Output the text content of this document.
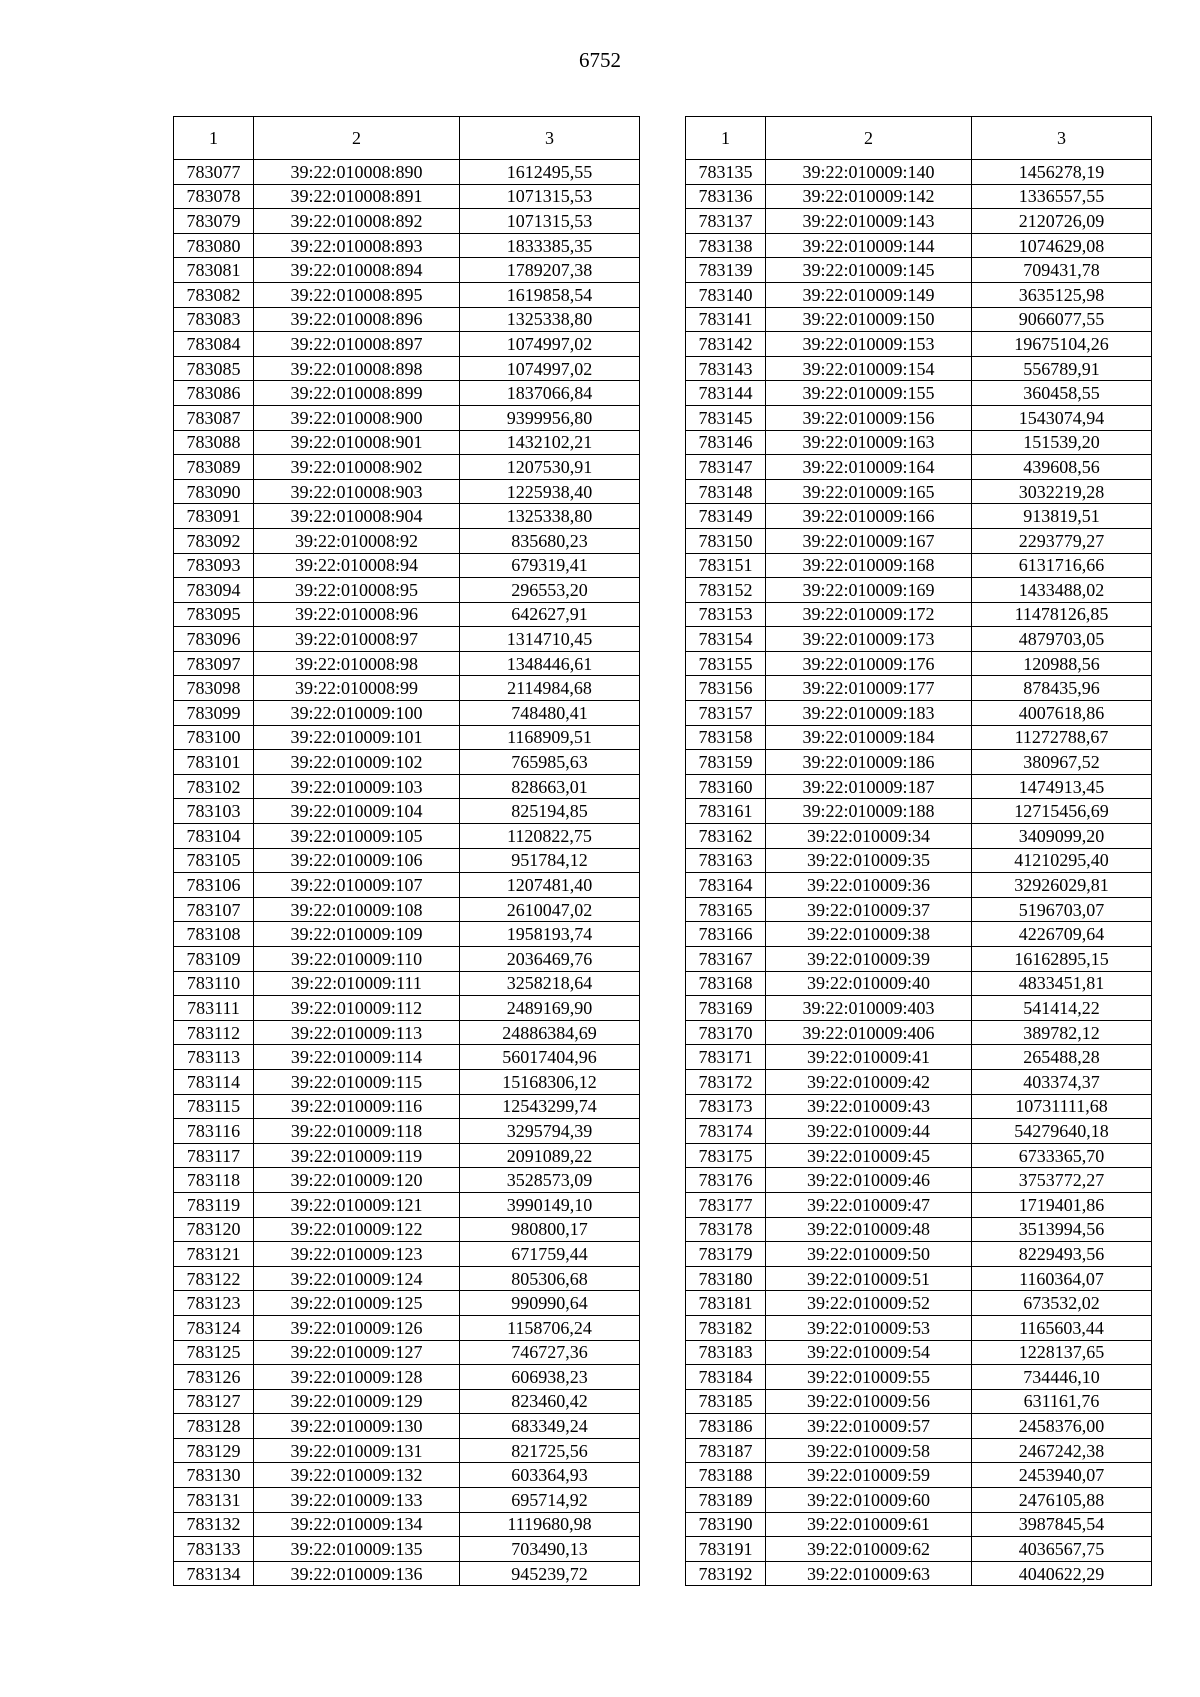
6752
1	2	3
783077	39:22:010008:890	1612495,55
783078	39:22:010008:891	1071315,53
783079	39:22:010008:892	1071315,53
783080	39:22:010008:893	1833385,35
783081	39:22:010008:894	1789207,38
783082	39:22:010008:895	1619858,54
783083	39:22:010008:896	1325338,80
783084	39:22:010008:897	1074997,02
783085	39:22:010008:898	1074997,02
783086	39:22:010008:899	1837066,84
783087	39:22:010008:900	9399956,80
783088	39:22:010008:901	1432102,21
783089	39:22:010008:902	1207530,91
783090	39:22:010008:903	1225938,40
783091	39:22:010008:904	1325338,80
783092	39:22:010008:92	835680,23
783093	39:22:010008:94	679319,41
783094	39:22:010008:95	296553,20
783095	39:22:010008:96	642627,91
783096	39:22:010008:97	1314710,45
783097	39:22:010008:98	1348446,61
783098	39:22:010008:99	2114984,68
783099	39:22:010009:100	748480,41
783100	39:22:010009:101	1168909,51
783101	39:22:010009:102	765985,63
783102	39:22:010009:103	828663,01
783103	39:22:010009:104	825194,85
783104	39:22:010009:105	1120822,75
783105	39:22:010009:106	951784,12
783106	39:22:010009:107	1207481,40
783107	39:22:010009:108	2610047,02
783108	39:22:010009:109	1958193,74
783109	39:22:010009:110	2036469,76
783110	39:22:010009:111	3258218,64
783111	39:22:010009:112	2489169,90
783112	39:22:010009:113	24886384,69
783113	39:22:010009:114	56017404,96
783114	39:22:010009:115	15168306,12
783115	39:22:010009:116	12543299,74
783116	39:22:010009:118	3295794,39
783117	39:22:010009:119	2091089,22
783118	39:22:010009:120	3528573,09
783119	39:22:010009:121	3990149,10
783120	39:22:010009:122	980800,17
783121	39:22:010009:123	671759,44
783122	39:22:010009:124	805306,68
783123	39:22:010009:125	990990,64
783124	39:22:010009:126	1158706,24
783125	39:22:010009:127	746727,36
783126	39:22:010009:128	606938,23
783127	39:22:010009:129	823460,42
783128	39:22:010009:130	683349,24
783129	39:22:010009:131	821725,56
783130	39:22:010009:132	603364,93
783131	39:22:010009:133	695714,92
783132	39:22:010009:134	1119680,98
783133	39:22:010009:135	703490,13
783134	39:22:010009:136	945239,72
1	2	3
783135	39:22:010009:140	1456278,19
783136	39:22:010009:142	1336557,55
783137	39:22:010009:143	2120726,09
783138	39:22:010009:144	1074629,08
783139	39:22:010009:145	709431,78
783140	39:22:010009:149	3635125,98
783141	39:22:010009:150	9066077,55
783142	39:22:010009:153	19675104,26
783143	39:22:010009:154	556789,91
783144	39:22:010009:155	360458,55
783145	39:22:010009:156	1543074,94
783146	39:22:010009:163	151539,20
783147	39:22:010009:164	439608,56
783148	39:22:010009:165	3032219,28
783149	39:22:010009:166	913819,51
783150	39:22:010009:167	2293779,27
783151	39:22:010009:168	6131716,66
783152	39:22:010009:169	1433488,02
783153	39:22:010009:172	11478126,85
783154	39:22:010009:173	4879703,05
783155	39:22:010009:176	120988,56
783156	39:22:010009:177	878435,96
783157	39:22:010009:183	4007618,86
783158	39:22:010009:184	11272788,67
783159	39:22:010009:186	380967,52
783160	39:22:010009:187	1474913,45
783161	39:22:010009:188	12715456,69
783162	39:22:010009:34	3409099,20
783163	39:22:010009:35	41210295,40
783164	39:22:010009:36	32926029,81
783165	39:22:010009:37	5196703,07
783166	39:22:010009:38	4226709,64
783167	39:22:010009:39	16162895,15
783168	39:22:010009:40	4833451,81
783169	39:22:010009:403	541414,22
783170	39:22:010009:406	389782,12
783171	39:22:010009:41	265488,28
783172	39:22:010009:42	403374,37
783173	39:22:010009:43	10731111,68
783174	39:22:010009:44	54279640,18
783175	39:22:010009:45	6733365,70
783176	39:22:010009:46	3753772,27
783177	39:22:010009:47	1719401,86
783178	39:22:010009:48	3513994,56
783179	39:22:010009:50	8229493,56
783180	39:22:010009:51	1160364,07
783181	39:22:010009:52	673532,02
783182	39:22:010009:53	1165603,44
783183	39:22:010009:54	1228137,65
783184	39:22:010009:55	734446,10
783185	39:22:010009:56	631161,76
783186	39:22:010009:57	2458376,00
783187	39:22:010009:58	2467242,38
783188	39:22:010009:59	2453940,07
783189	39:22:010009:60	2476105,88
783190	39:22:010009:61	3987845,54
783191	39:22:010009:62	4036567,75
783192	39:22:010009:63	4040622,29
